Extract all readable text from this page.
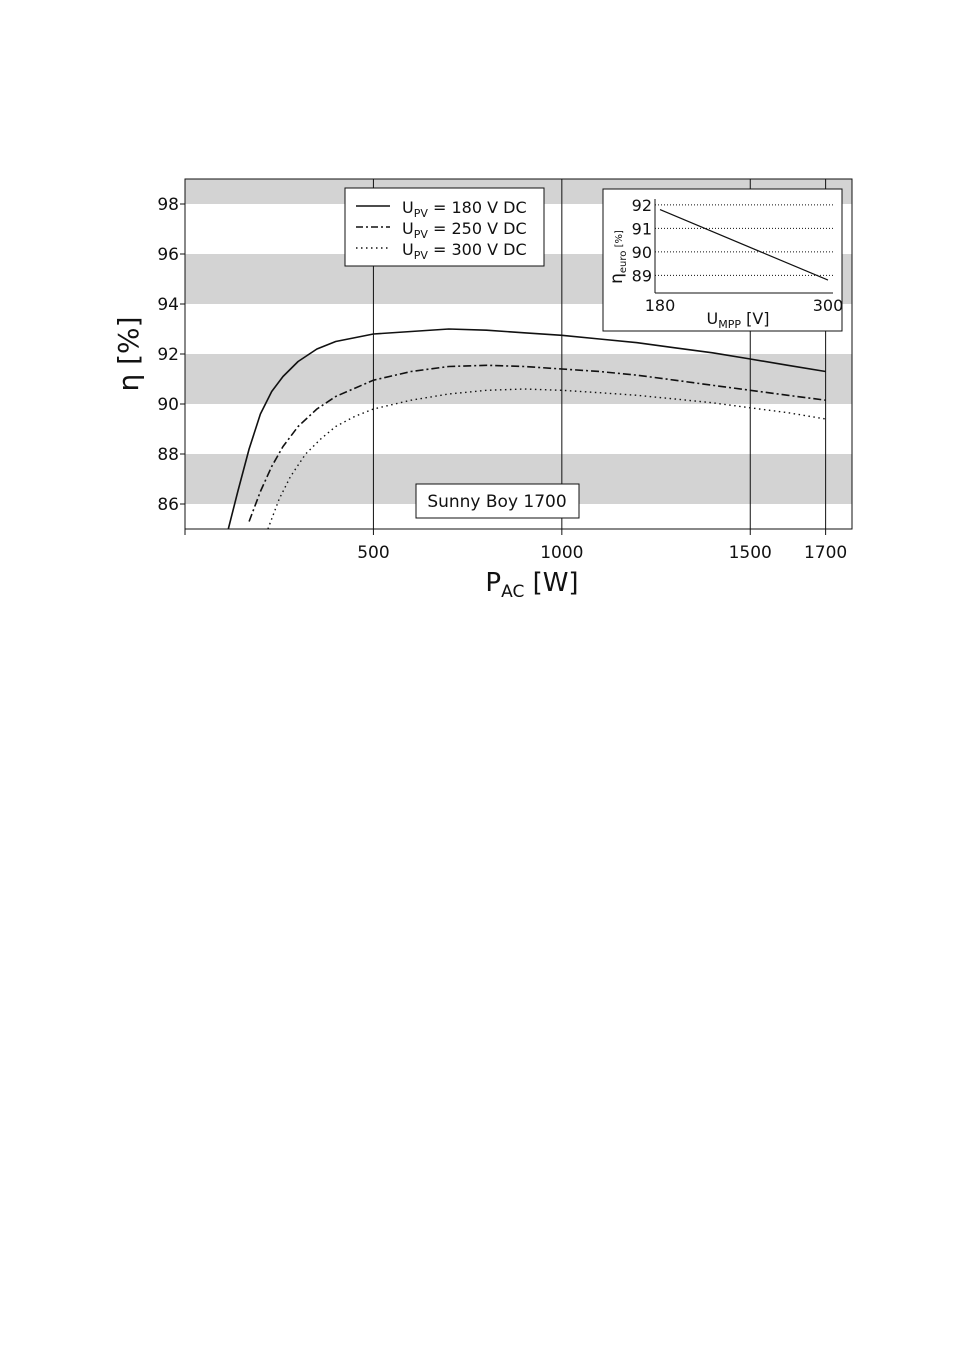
500	1000	1500 1700
86
88
90
92
94
96
98
$P_{AC}$ [W]
η [%]
$U_{PV} = 180$ V DC
$U_{PV} = 250$ V DC
$U_{PV} = 300$ V DC
Sunny Boy 1700
89
90
91
92
180	300
$U_{MPP}$ [V]
$\eta_{euro}$ [%]
